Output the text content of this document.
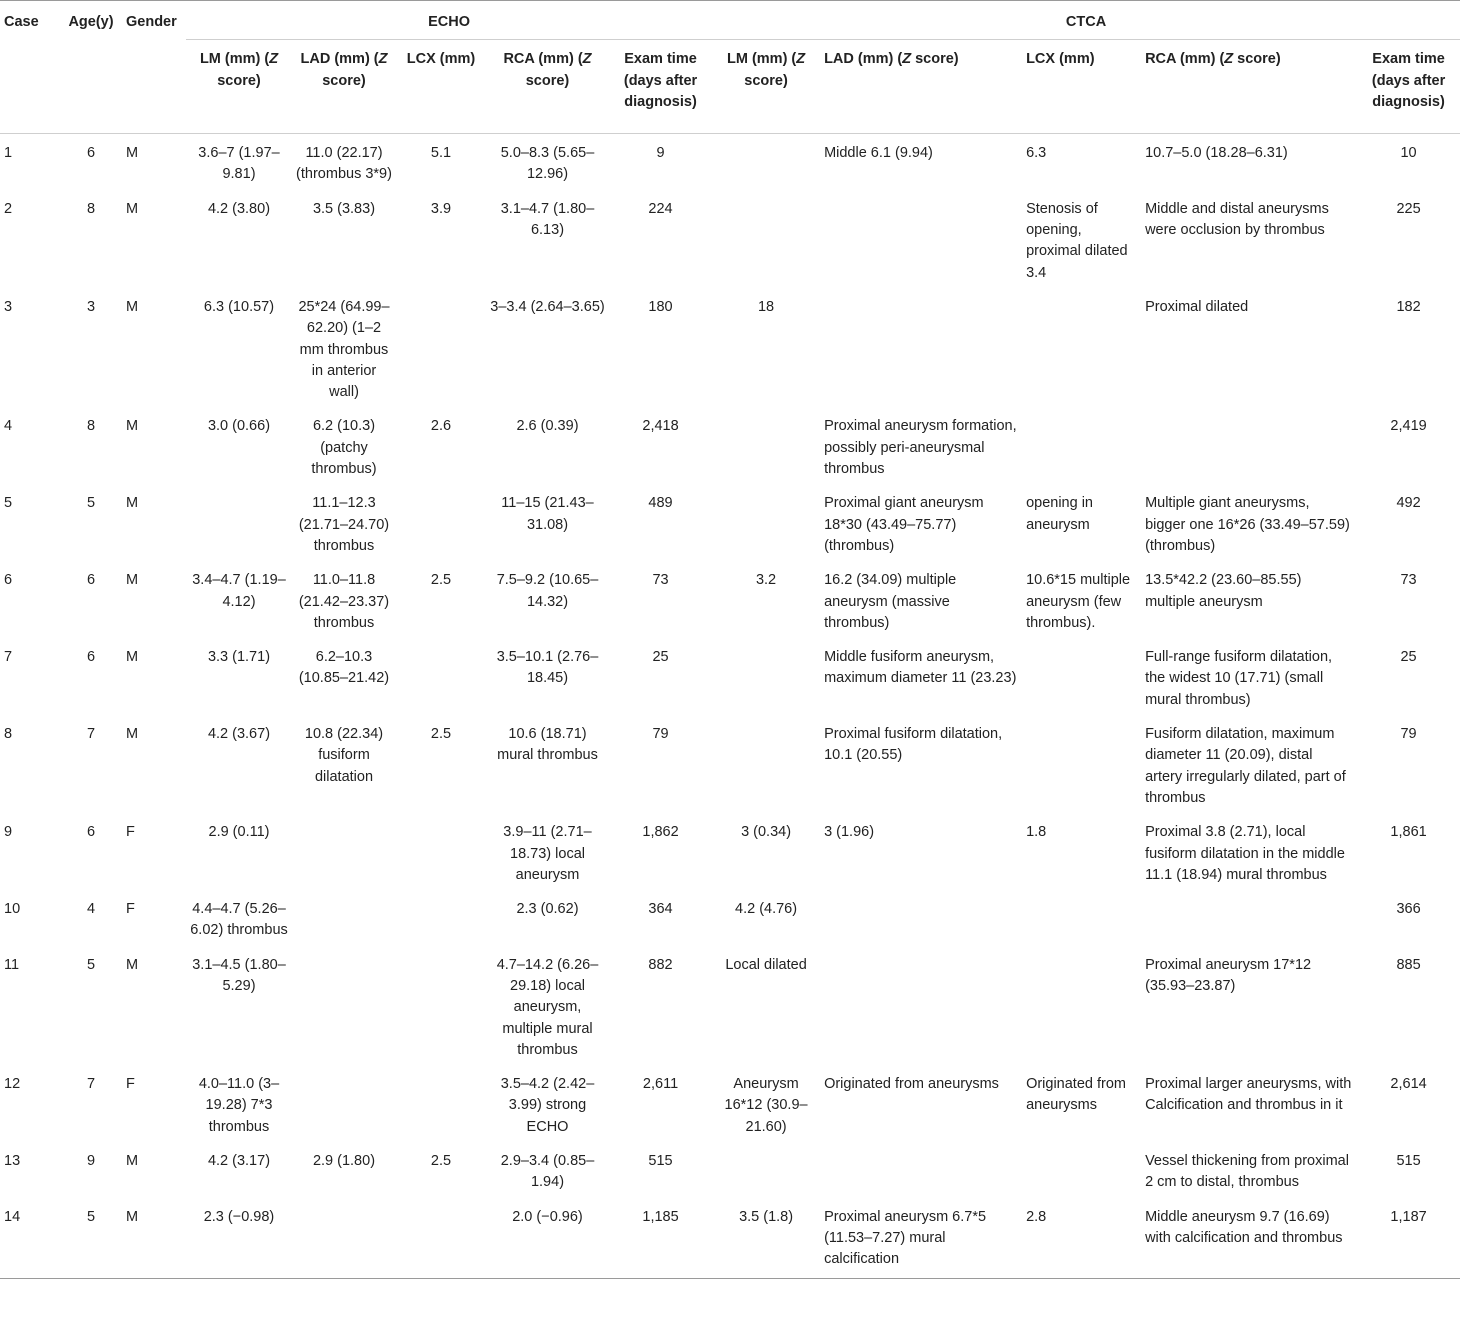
Case	Age(y)	Gender	ECHO					CTCA				
			LM (mm) (Z score)	LAD (mm) (Z score)	LCX (mm)	RCA (mm) (Z score)	Exam time (days after diagnosis)	LM (mm) (Z score)	LAD (mm) (Z score)	LCX (mm)	RCA (mm) (Z score)	Exam time (days after diagnosis)
1	6	M	3.6–7 (1.97–9.81)	11.0 (22.17) (thrombus 3*9)	5.1	5.0–8.3 (5.65–12.96)	9		Middle 6.1 (9.94)	6.3	10.7–5.0 (18.28–6.31)	10
2	8	M	4.2 (3.80)	3.5 (3.83)	3.9	3.1–4.7 (1.80–6.13)	224			Stenosis of opening, proximal dilated 3.4	Middle and distal aneurysms were occlusion by thrombus	225
3	3	M	6.3 (10.57)	25*24 (64.99–62.20) (1–2 mm thrombus in anterior wall)		3–3.4 (2.64–3.65)	180	18			Proximal dilated	182
4	8	M	3.0 (0.66)	6.2 (10.3) (patchy thrombus)	2.6	2.6 (0.39)	2,418		Proximal aneurysm formation, possibly peri-aneurysmal thrombus			2,419
5	5	M		11.1–12.3 (21.71–24.70) thrombus		11–15 (21.43–31.08)	489		Proximal giant aneurysm 18*30 (43.49–75.77) (thrombus)	opening in aneurysm	Multiple giant aneurysms, bigger one 16*26 (33.49–57.59) (thrombus)	492
6	6	M	3.4–4.7 (1.19–4.12)	11.0–11.8 (21.42–23.37) thrombus	2.5	7.5–9.2 (10.65–14.32)	73	3.2	16.2 (34.09) multiple aneurysm (massive thrombus)	10.6*15 multiple aneurysm (few thrombus).	13.5*42.2 (23.60–85.55) multiple aneurysm	73
7	6	M	3.3 (1.71)	6.2–10.3 (10.85–21.42)		3.5–10.1 (2.76–18.45)	25		Middle fusiform aneurysm, maximum diameter 11 (23.23)		Full-range fusiform dilatation, the widest 10 (17.71) (small mural thrombus)	25
8	7	M	4.2 (3.67)	10.8 (22.34) fusiform dilatation	2.5	10.6 (18.71) mural thrombus	79		Proximal fusiform dilatation, 10.1 (20.55)		Fusiform dilatation, maximum diameter 11 (20.09), distal artery irregularly dilated, part of thrombus	79
9	6	F	2.9 (0.11)			3.9–11 (2.71–18.73) local aneurysm	1,862	3 (0.34)	3 (1.96)	1.8	Proximal 3.8 (2.71), local fusiform dilatation in the middle 11.1 (18.94) mural thrombus	1,861
10	4	F	4.4–4.7 (5.26–6.02) thrombus			2.3 (0.62)	364	4.2 (4.76)				366
11	5	M	3.1–4.5 (1.80–5.29)			4.7–14.2 (6.26–29.18) local aneurysm, multiple mural thrombus	882	Local dilated			Proximal aneurysm 17*12 (35.93–23.87)	885
12	7	F	4.0–11.0 (3–19.28) 7*3 thrombus			3.5–4.2 (2.42–3.99) strong ECHO	2,611	Aneurysm 16*12 (30.9–21.60)	Originated from aneurysms	Originated from aneurysms	Proximal larger aneurysms, with Calcification and thrombus in it	2,614
13	9	M	4.2 (3.17)	2.9 (1.80)	2.5	2.9–3.4 (0.85–1.94)	515				Vessel thickening from proximal 2 cm to distal, thrombus	515
14	5	M	2.3 (−0.98)			2.0 (−0.96)	1,185	3.5 (1.8)	Proximal aneurysm 6.7*5 (11.53–7.27) mural calcification	2.8	Middle aneurysm 9.7 (16.69) with calcification and thrombus	1,187
